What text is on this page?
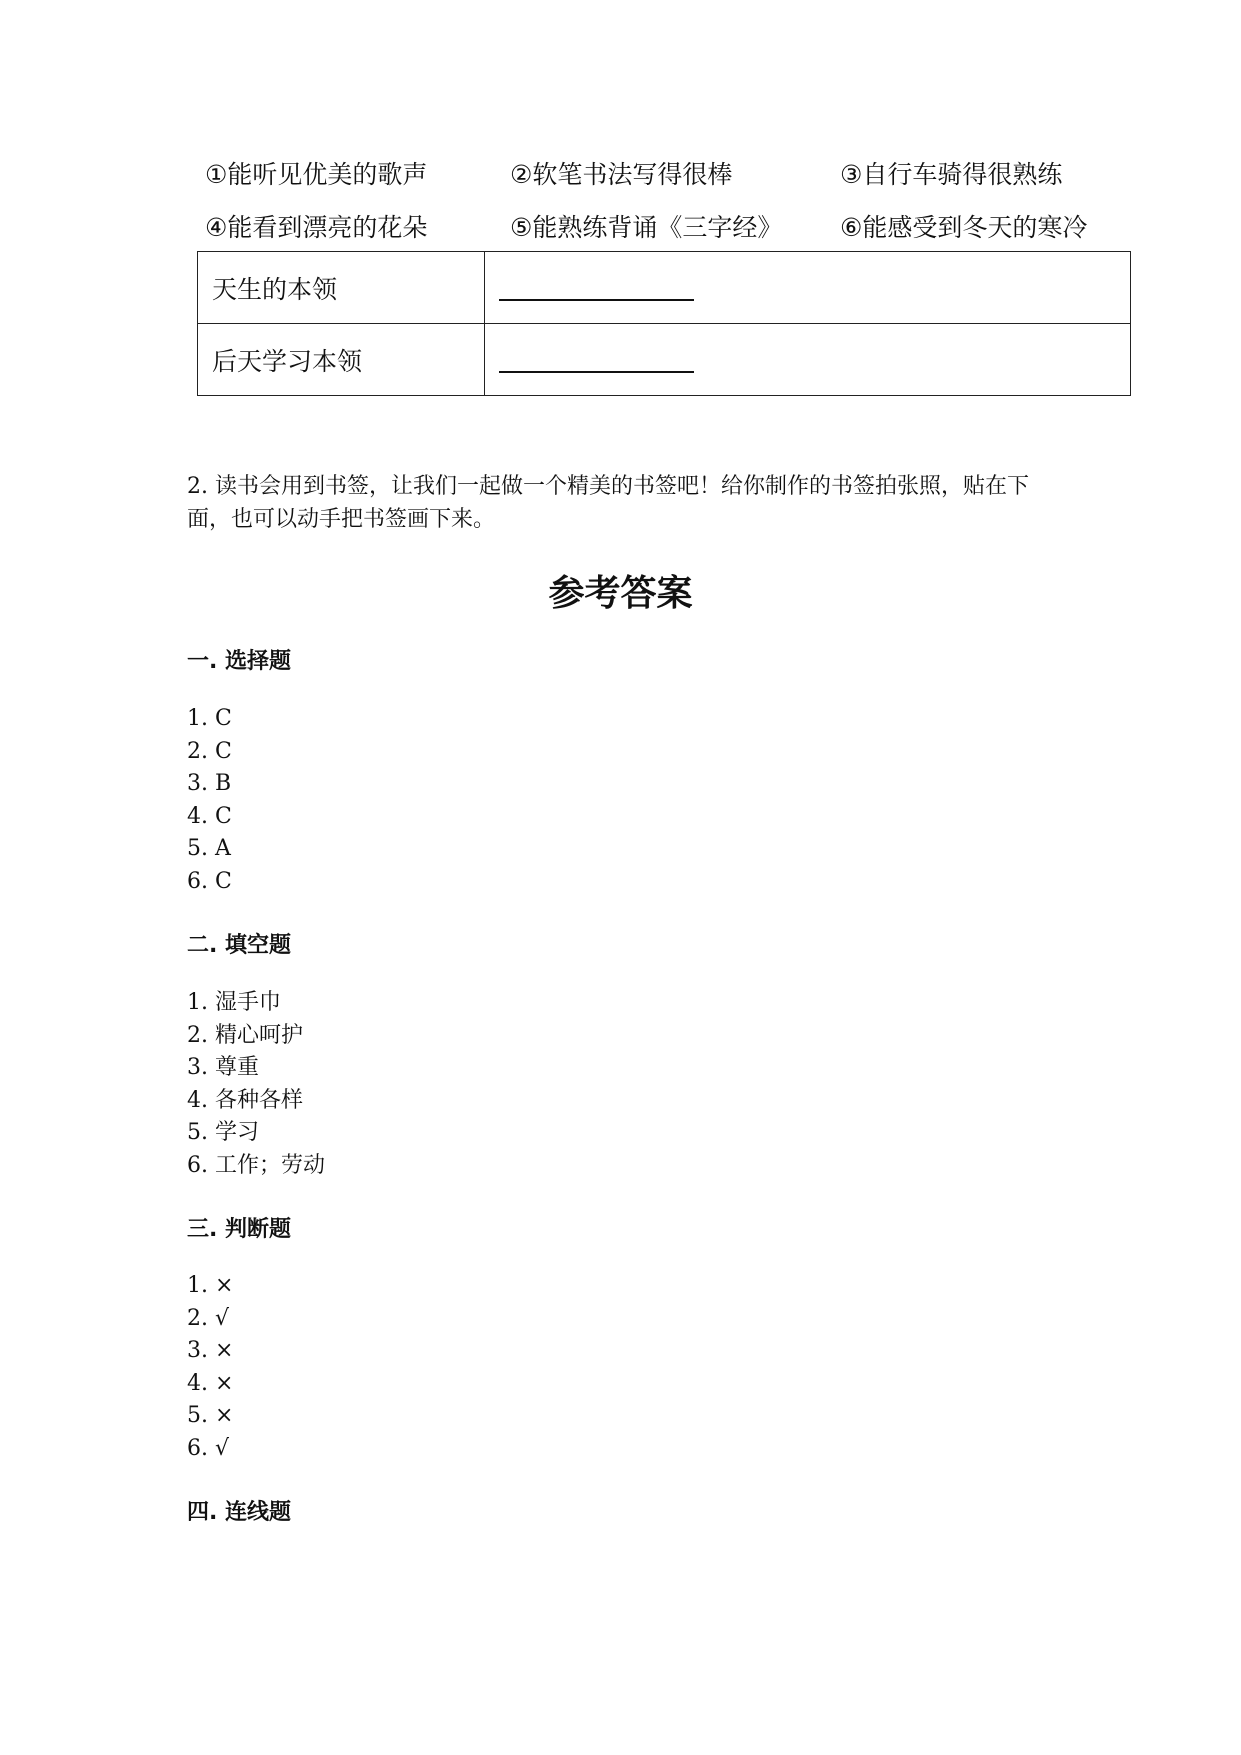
①能听见优美的歌声	②软笔书法写得很棒	③自行车骑得很熟练
④能看到漂亮的花朵	⑤能熟练背诵《三字经》 ⑥能感受到冬天的寒冷
天生的本领	
后天学习本领	
2. 读书会用到书签，让我们一起做一个精美的书签吧！给你制作的书签拍张照，贴在下面，也可以动手把书签画下来。
参考答案
一. 选择题
1. C
2. C
3. B
4. C
5. A
6. C
二. 填空题
1. 湿手巾
2. 精心呵护
3. 尊重
4. 各种各样
5. 学习
6. 工作；劳动
三. 判断题
1. ×
2. √
3. ×
4. ×
5. ×
6. √
四. 连线题
